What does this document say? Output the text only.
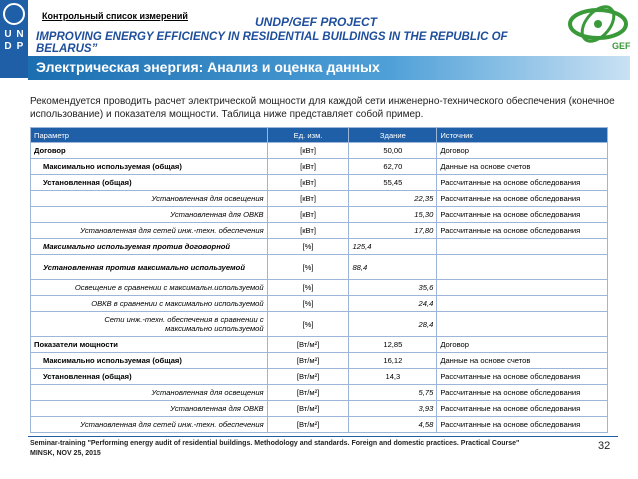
U N
D P
Контрольный список измерений	UNDP/GEF PROJECT
IMPROVING ENERGY EFFICIENCY IN RESIDENTIAL BUILDINGS IN THE REPUBLIC OF BELARUS”	GEF
Электрическая энергия: Анализ и оценка данных
Рекомендуется проводить расчет электрической мощности для каждой сети инженерно-технического обеспечения (конечное использование) и показателя мощности. Таблица ниже представляет собой пример.
Параметр	Ед. изм.	Здание	Источник
Договор	[кВт]	50,00	Договор
Максимально используемая (общая)	[кВт]	62,70	Данные на основе счетов
Установленная (общая)	[кВт]	55,45	Рассчитанные на основе обследования
Установленная для освещения	[кВт]	22,35	Рассчитанные на основе обследования
Установленная для ОВКВ	[кВт]	15,30	Рассчитанные на основе обследования
Установленная для сетей инж.-техн. обеспечения	[кВт]	17,80	Рассчитанные на основе обследования
Максимально используемая против договорной	[%]	125,4	
Установленная против максимально используемой	[%]	88,4	
Освещение в сравнении с максимальн.используемой	[%]	35,6	
ОВКВ в сравнении с максимально используемой	[%]	24,4	
Сети инж.-техн. обеспечения в сравнении с максимально используемой	[%]	28,4	
Показатели мощности	[Вт/м²]	12,85	Договор
Максимально используемая (общая)	[Вт/м²]	16,12	Данные на основе счетов
Установленная (общая)	[Вт/м²]	14,3	Рассчитанные на основе обследования
Установленная для освещения	[Вт/м²]	5,75	Рассчитанные на основе обследования
Установленная для ОВКВ	[Вт/м²]	3,93	Рассчитанные на основе обследования
Установленная для сетей инж.-техн. обеспечения	[Вт/м²]	4,58	Рассчитанные на основе обследования
Seminar-training "Performing energy audit of residential buildings. Methodology and standards. Foreign and domestic practices. Practical Course"
MINSK, NOV 25, 2015
32
